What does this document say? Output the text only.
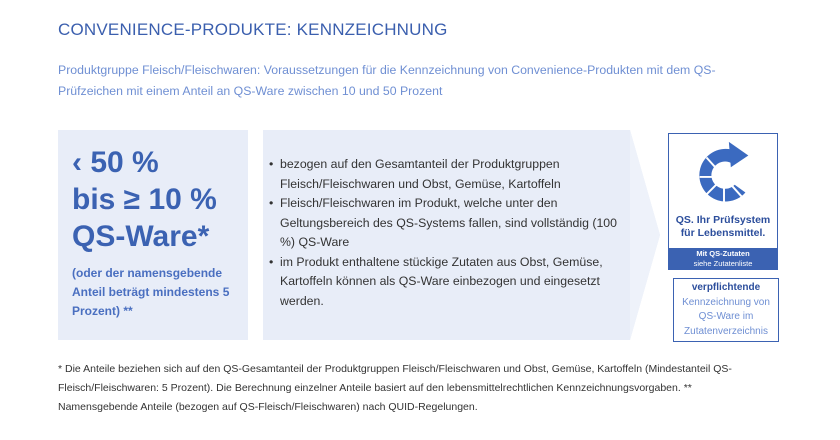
CONVENIENCE-PRODUKTE: KENNZEICHNUNG
Produktgruppe Fleisch/Fleischwaren: Voraussetzungen für die Kennzeichnung von Convenience-Produkten mit dem QS-Prüfzeichen mit einem Anteil an QS-Ware zwischen 10 und 50 Prozent
‹ 50 %
bis ≥ 10 %
QS-Ware*
(oder der namensgebende Anteil beträgt mindestens 5 Prozent) **
• bezogen auf den Gesamtanteil der Produktgruppen Fleisch/Fleischwaren und Obst, Gemüse, Kartoffeln
• Fleisch/Fleischwaren im Produkt, welche unter den Geltungsbereich des QS-Systems fallen, sind vollständig (100 %) QS-Ware
• im Produkt enthaltene stückige Zutaten aus Obst, Gemüse, Kartoffeln können als QS-Ware einbezogen und eingesetzt werden.
QS. Ihr Prüfsystem
für Lebensmittel.
Mit QS-Zutaten
siehe Zutatenliste
verpflichtende
Kennzeichnung von QS-Ware im Zutatenverzeichnis
* Die Anteile beziehen sich auf den QS-Gesamtanteil der Produktgruppen Fleisch/Fleischwaren und Obst, Gemüse, Kartoffeln (Mindestanteil QS-Fleisch/Fleischwaren: 5 Prozent). Die Berechnung einzelner Anteile basiert auf den lebensmittelrechtlichen Kennzeichnungsvorgaben. ** Namensgebende Anteile (bezogen auf QS-Fleisch/Fleischwaren) nach QUID-Regelungen.
